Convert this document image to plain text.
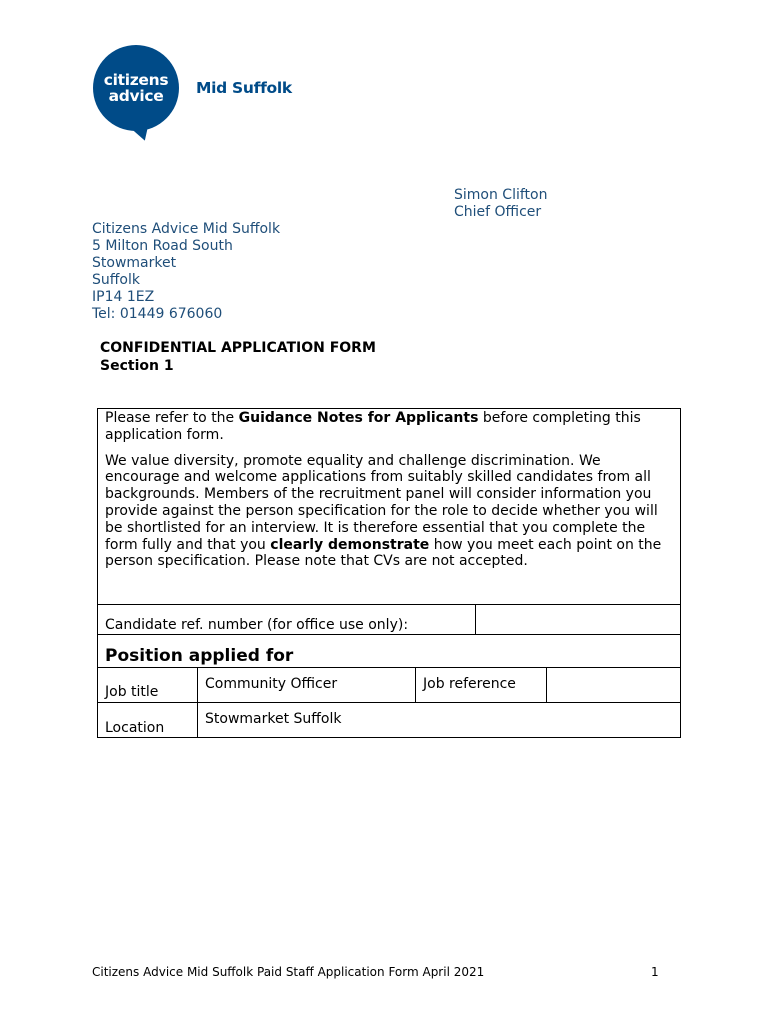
citizens
advice Mid Suffolk
Simon Clifton
Chief Officer
Citizens Advice Mid Suffolk
5 Milton Road South
Stowmarket
Suffolk
IP14 1EZ
Tel: 01449 676060
CONFIDENTIAL APPLICATION FORM
Section 1

Please refer to the Guidance Notes for Applicants before completing this application form.

We value diversity, promote equality and challenge discrimination. We encourage and welcome applications from suitably skilled candidates from all backgrounds. Members of the recruitment panel will consider information you provide against the person specification for the role to decide whether you will be shortlisted for an interview. It is therefore essential that you complete the form fully and that you clearly demonstrate how you meet each point on the person specification. Please note that CVs are not accepted.				

Candidate ref. number (for office use only):				
Position applied for				
Job title	Community Officer	Job reference		
Location	Stowmarket Suffolk			
Citizens Advice Mid Suffolk Paid Staff Application Form April 2021	1
